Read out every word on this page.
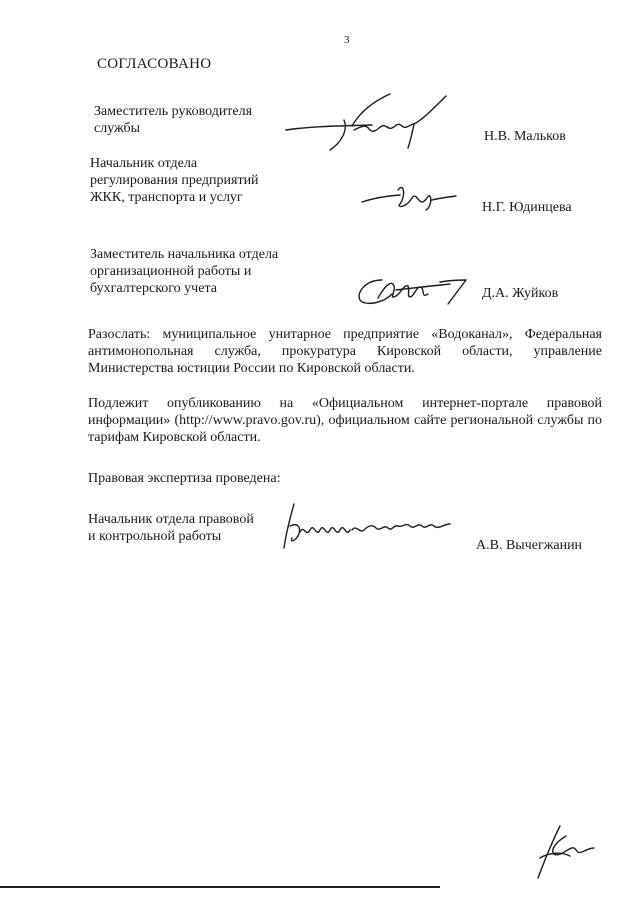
3
СОГЛАСОВАНО
Заместитель руководителя
службы
Н.В. Мальков
Начальник отдела
регулирования предприятий
ЖКК, транспорта и услуг
Н.Г. Юдинцева
Заместитель начальника отдела
организационной работы и
бухгалтерского учета	Д.А. Жуйков
Разослать: муниципальное унитарное предприятие «Водоканал», Федеральная антимонопольная служба, прокуратура Кировской области, управление Министерства юстиции России по Кировской области.
Подлежит опубликованию на «Официальном интернет-портале правовой информации» (http://www.pravo.gov.ru), официальном сайте региональной службы по тарифам Кировской области.
Правовая экспертиза проведена:
Начальник отдела правовой
и контрольной работы
А.В. Вычегжанин
